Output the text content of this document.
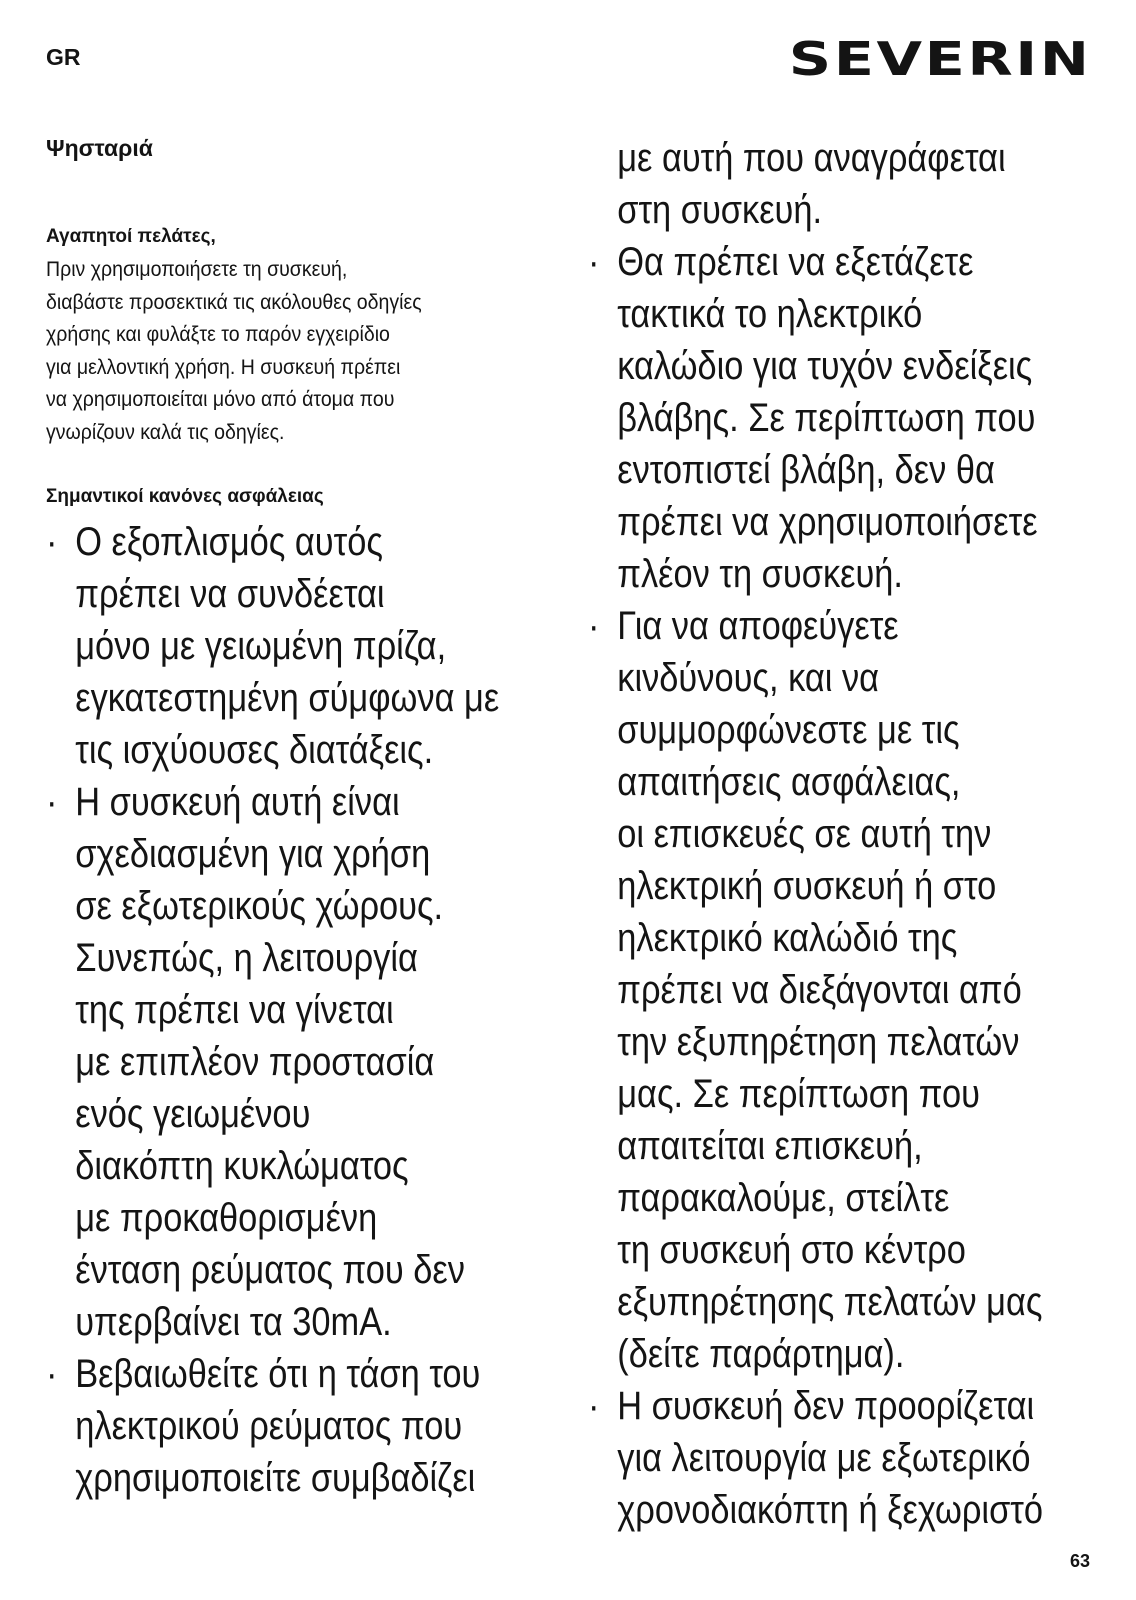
GR	SEVERIN
Ψησταριά
Αγαπητοί πελάτες,
Πριν χρησιμοποιήσετε τη συσκευή,
διαβάστε προσεκτικά τις ακόλουθες οδηγίες
χρήσης και φυλάξτε το παρόν εγχειρίδιο
για μελλοντική χρήση. Η συσκευή πρέπει
να χρησιμοποιείται μόνο από άτομα που
γνωρίζουν καλά τις οδηγίες.
Σημαντικοί κανόνες ασφάλειας
· Ο εξοπλισμός αυτός
πρέπει να συνδέεται
μόνο με γειωμένη πρίζα,
εγκατεστημένη σύμφωνα με
τις ισχύουσες διατάξεις.
· Η συσκευή αυτή είναι
σχεδιασμένη για χρήση
σε εξωτερικούς χώρους.
Συνεπώς, η λειτουργία
της πρέπει να γίνεται
με επιπλέον προστασία
ενός γειωμένου
διακόπτη κυκλώματος
με προκαθορισμένη
ένταση ρεύματος που δεν
υπερβαίνει τα 30mA.
· Βεβαιωθείτε ότι η τάση του
ηλεκτρικού ρεύματος που
χρησιμοποιείτε συμβαδίζει
με αυτή που αναγράφεται
στη συσκευή.
· Θα πρέπει να εξετάζετε
τακτικά το ηλεκτρικό
καλώδιο για τυχόν ενδείξεις
βλάβης. Σε περίπτωση που
εντοπιστεί βλάβη, δεν θα
πρέπει να χρησιμοποιήσετε
πλέον τη συσκευή.
· Για να αποφεύγετε
κινδύνους, και να
συμμορφώνεστε με τις
απαιτήσεις ασφάλειας,
οι επισκευές σε αυτή την
ηλεκτρική συσκευή ή στο
ηλεκτρικό καλώδιό της
πρέπει να διεξάγονται από
την εξυπηρέτηση πελατών
μας. Σε περίπτωση που
απαιτείται επισκευή,
παρακαλούμε, στείλτε
τη συσκευή στο κέντρο
εξυπηρέτησης πελατών μας
(δείτε παράρτημα).
· Η συσκευή δεν προορίζεται
για λειτουργία με εξωτερικό
χρονοδιακόπτη ή ξεχωριστό
63
